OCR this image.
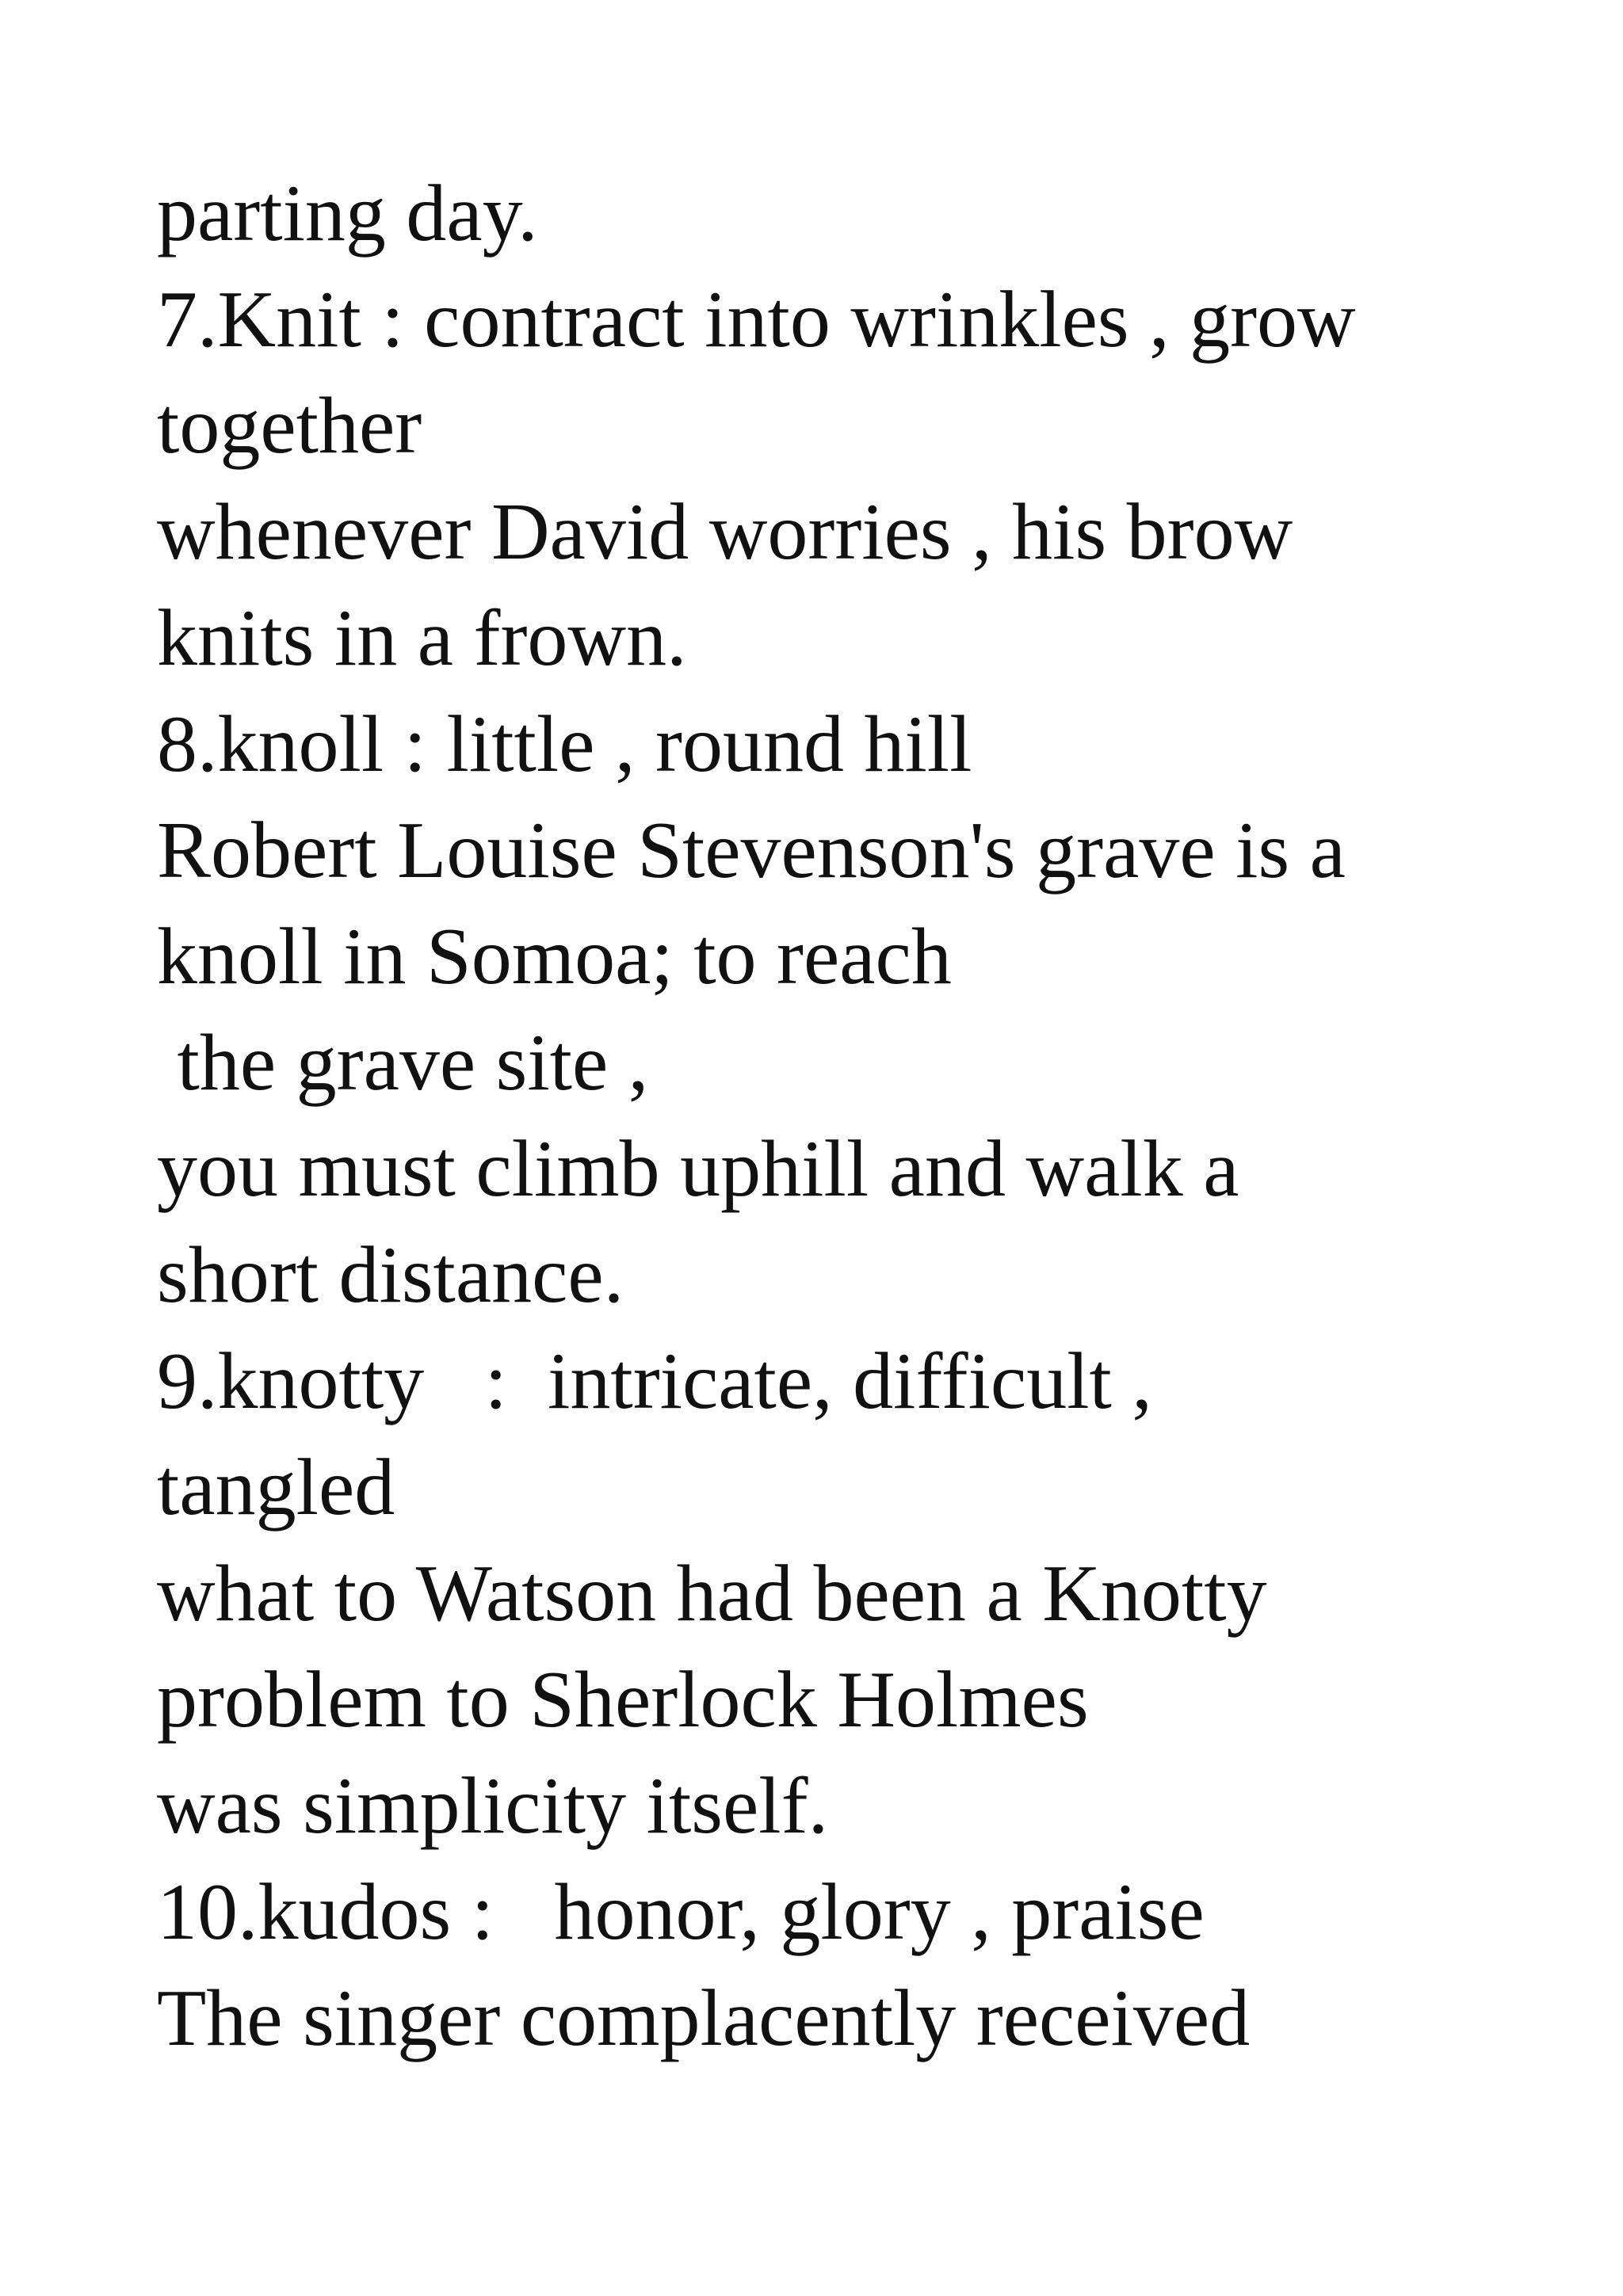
parting day.
7.Knit : contract into wrinkles , grow
together
whenever David worries , his brow
knits in a frown.
8.knoll : little , round hill
Robert Louise Stevenson's grave is a
knoll in Somoa; to reach
the grave site ,
you must climb uphill and walk a
short distance.
9.knotty   :  intricate, difficult ,
tangled
what to Watson had been a Knotty
problem to Sherlock Holmes
was simplicity itself.
10.kudos :   honor, glory , praise
The singer complacently received
